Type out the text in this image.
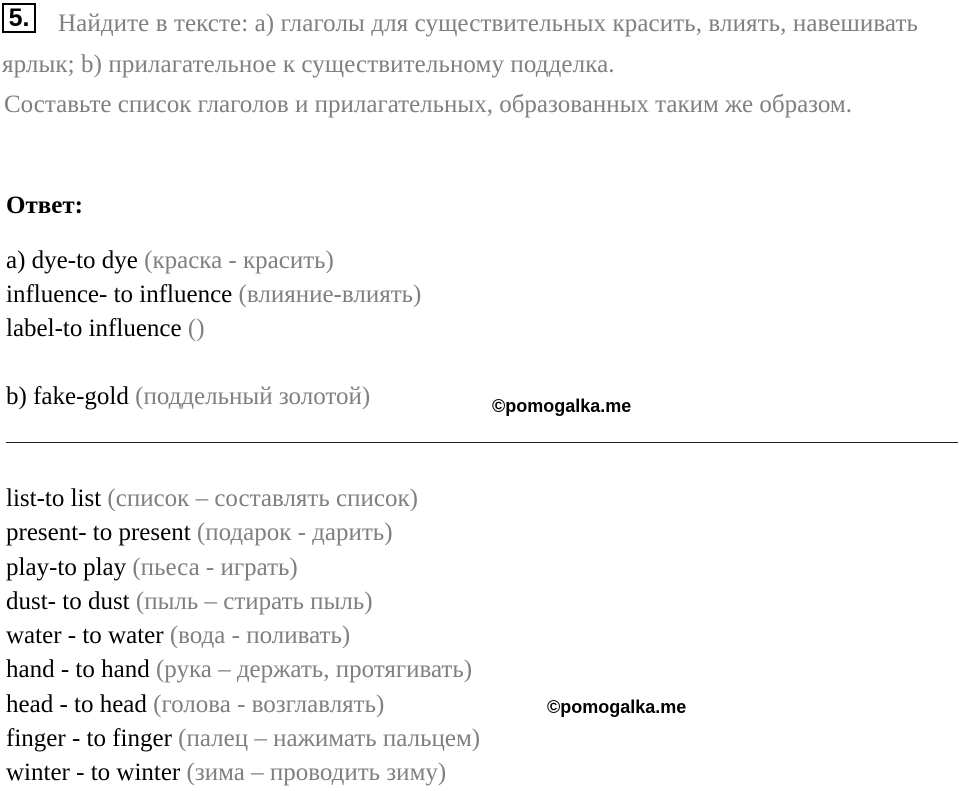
Найдите в тексте: а) глаголы для существительных красить, влиять, навешивать ярлык; b) прилагательное к существительному подделка.
5.
Составьте список глаголов и прилагательных, образованных таким же образом.
Ответ:
a) dye-to dye (краска - красить)
influence- to influence (влияние-влиять)
label-to influence ()
b) fake-gold (поддельный золотой)	©pomogalka.me
list-to list (список – составлять список)
present- to present (подарок - дарить)
play-to play (пьеса - играть)
dust- to dust (пыль – стирать пыль)
water - to water (вода - поливать)
hand - to hand (рука – держать, протягивать)
head - to head (голова - возглавлять)
finger - to finger (палец – нажимать пальцем)
winter - to winter (зима – проводить зиму)
©pomogalka.me
